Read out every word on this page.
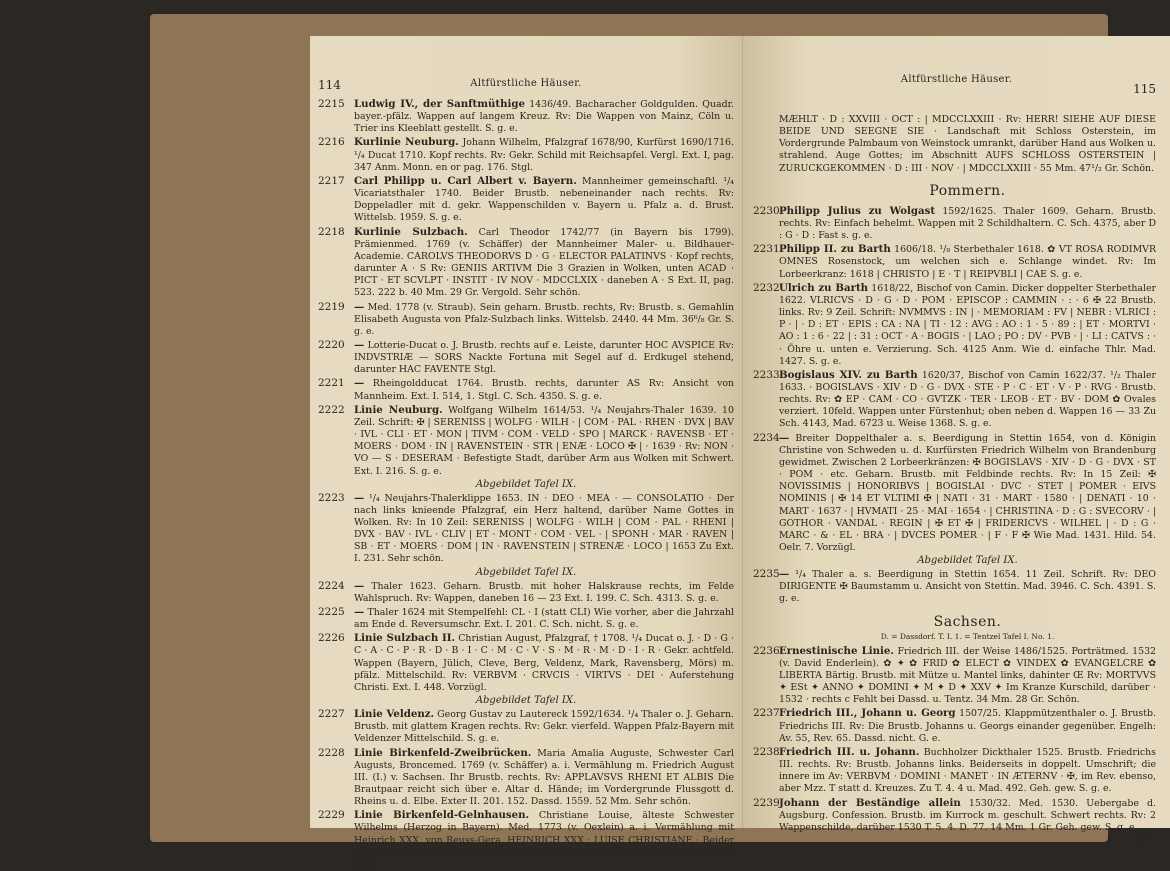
114	Altfürstliche Häuser.
2215 Ludwig IV., der Sanftmüthige 1436/49. Bacharacher Goldgulden. Quadr. bayer.-pfälz. Wappen auf langem Kreuz. Rv: Die Wappen von Mainz, Cöln u. Trier ins Kleeblatt gestellt. S. g. e.
2216 Kurlinie Neuburg. Johann Wilhelm, Pfalzgraf 1678/90, Kurfürst 1690/1716. ¹/₄ Ducat 1710. Kopf rechts. Rv: Gekr. Schild mit Reichsapfel. Vergl. Ext. I, pag. 347 Anm. Monn. en or pag. 176. Stgl.
2217 Carl Philipp u. Carl Albert v. Bayern. Mannheimer gemeinschaftl. ¹/₄ Vicariatsthaler 1740. Beider Brustb. nebeneinander nach rechts. Rv: Doppeladler mit d. gekr. Wappenschilden v. Bayern u. Pfalz a. d. Brust. Wittelsb. 1959. S. g. e.
2218 Kurlinie Sulzbach. Carl Theodor 1742/77 (in Bayern bis 1799). Prämienmed. 1769 (v. Schäffer) der Mannheimer Maler- u. Bildhauer-Academie. CAROLVS THEODORVS D · G · ELECTOR PALATINVS · Kopf rechts, darunter A · S Rv: GENIIS ARTIVM Die 3 Grazien in Wolken, unten ACAD · PICT · ET SCVLPT · INSTIT · IV NOV · MDCCLXIX · daneben A · S Ext. II, pag. 523. 222 b. 40 Mm. 29 Gr. Vergold. Sehr schön.
2219 — Med. 1778 (v. Straub). Sein geharn. Brustb. rechts, Rv: Brustb. s. Gemahlin Elisabeth Augusta von Pfalz-Sulzbach links. Wittelsb. 2440. 44 Mm. 36⁶/₈ Gr. S. g. e.
2220 — Lotterie-Ducat o. J. Brustb. rechts auf e. Leiste, darunter HOC AVSPICE Rv: INDVSTRIÆ — SORS Nackte Fortuna mit Segel auf d. Erdkugel stehend, darunter HAC FAVENTE Stgl.
2221 — Rheingoldducat 1764. Brustb. rechts, darunter AS Rv: Ansicht von Mannheim. Ext. I. 514, 1. Stgl. C. Sch. 4350. S. g. e.
2222 Linie Neuburg. Wolfgang Wilhelm 1614/53. ¹/₄ Neujahrs-Thaler 1639. 10 Zeil. Schrift: ✠ | SERENISS | WOLFG · WILH · | COM · PAL · RHEN · DVX | BAV · IVL · CLI · ET · MON | TIVM · COM · VELD · SPO | MARCK · RAVENSB · ET · MOERS · DOM · IN | RAVENSTEIN · STR | ENÆ · LOCO ✠ | · 1639 · Rv: NON · VO — S · DESERAM · Befestigte Stadt, darüber Arm aus Wolken mit Schwert. Ext. I. 216. S. g. e.
Abgebildet Tafel IX.
2223 — ¹/₄ Neujahrs-Thalerklippe 1653. IN · DEO · MEA · — CONSOLATIO · Der nach links knieende Pfalzgraf, ein Herz haltend, darüber Name Gottes in Wolken. Rv: In 10 Zeil: SERENISS | WOLFG · WILH | COM · PAL · RHENI | DVX · BAV · IVL · CLIV | ET · MONT · COM · VEL · | SPONH · MAR · RAVEN | SB · ET · MOERS · DOM | IN · RAVENSTEIN | STRENÆ · LOCO | 1653 Zu Ext. I. 231. Sehr schön.
Abgebildet Tafel IX.
2224 — Thaler 1623. Geharn. Brustb. mit hoher Halskrause rechts, im Felde Wahlspruch. Rv: Wappen, daneben 16 — 23 Ext. I. 199. C. Sch. 4313. S. g. e.
2225 — Thaler 1624 mit Stempelfehl: CL · I (statt CLI) Wie vorher, aber die Jahrzahl am Ende d. Reversumschr. Ext. I. 201. C. Sch. nicht. S. g. e.
2226 Linie Sulzbach II. Christian August, Pfalzgraf, † 1708. ¹/₄ Ducat o. J. · D · G · C · A · C · P · R · D · B · I · C · M · C · V · S · M · R · M · D · I · R · Gekr. achtfeld. Wappen (Bayern, Jülich, Cleve, Berg, Veldenz, Mark, Ravensberg, Mörs) m. pfälz. Mittelschild. Rv: VERBVM · CRVCIS · VIRTVS · DEI · Auferstehung Christi. Ext. I. 448. Vorzügl.
Abgebildet Tafel IX.
2227 Linie Veldenz. Georg Gustav zu Lautereck 1592/1634. ¹/₄ Thaler o. J. Geharn. Brustb. mit glattem Kragen rechts. Rv: Gekr. vierfeld. Wappen Pfalz-Bayern mit Veldenzer Mittelschild. S. g. e.
2228 Linie Birkenfeld-Zweibrücken. Maria Amalia Auguste, Schwester Carl Augusts, Broncemed. 1769 (v. Schäffer) a. i. Vermählung m. Friedrich August III. (I.) v. Sachsen. Ihr Brustb. rechts. Rv: APPLAVSVS RHENI ET ALBIS Die Brautpaar reicht sich über e. Altar d. Hände; im Vordergrunde Flussgott d. Rheins u. d. Elbe. Exter II. 201. 152. Dassd. 1559. 52 Mm. Sehr schön.
2229 Linie Birkenfeld-Gelnhausen. Christiane Louise, älteste Schwester Wilhelms (Herzog in Bayern). Med. 1773 (v. Oexlein) a. i. Vermählung mit Heinrich XXX. von Reuss-Gera. HEINRICH XXX · LUISE CHRISTIANE · Beider Brustb. einander gegenüber; im Abschnitt AUF DEM SCHLOSSE HUNGEN | VEB
Altfürstliche Häuser.
115
MÆHLT · D : XXVIII · OCT : | MDCCLXXIII · Rv: HERR! SIEHE AUF DIESE BEIDE UND SEEGNE SIE · Landschaft mit Schloss Osterstein, im Vordergrunde Palmbaum von Weinstock umrankt, darüber Hand aus Wolken u. strahlend. Auge Gottes; im Abschnitt AUFS SCHLOSS OSTERSTEIN | ZURUCKGEKOMMEN · D : III · NOV · | MDCCLXXIII · 55 Mm. 47¹/₂ Gr. Schön.
Pommern.
2230 Philipp Julius zu Wolgast 1592/1625. Thaler 1609. Geharn. Brustb. rechts. Rv: Einfach behelmt. Wappen mit 2 Schildhaltern. C. Sch. 4375, aber D : G · D : Fast s. g. e.
2231 Philipp II. zu Barth 1606/18. ¹/₈ Sterbethaler 1618. ✿ VT ROSA RODIMVR OMNES Rosenstock, um welchen sich e. Schlange windet. Rv: Im Lorbeerkranz: 1618 | CHRISTO | E · T | REIPVBLI | CAE S. g. e.
2232 Ulrich zu Barth 1618/22, Bischof von Camin. Dicker doppelter Sterbethaler 1622. VLRICVS · D · G · D · POM · EPISCOP : CAMMIN · : · 6 ✠ 22 Brustb. links. Rv: 9 Zeil. Schrift: NVMMVS : IN | · MEMORIAM : FV | NEBR : VLRICI : P · | · D : ET · EPIS : CA : NA | TI · 12 : AVG : AO : 1 · 5 · 89 : | ET · MORTVI · AO : 1 : 6 · 22 | : 31 : OCT · A · BOGIS · | LAO ; PO : DV · PVB · | · LI : CATVS : · · Öhre u. unten e. Verzierung. Sch. 4125 Anm. Wie d. einfache Thlr. Mad. 1427. S. g. e.
2233 Bogislaus XIV. zu Barth 1620/37, Bischof von Camin 1622/37. ¹/₂ Thaler 1633. · BOGISLAVS · XIV · D · G · DVX · STE · P · C · ET · V · P · RVG · Brustb. rechts. Rv: ✿ EP · CAM · CO · GVTZK · TER · LEOB · ET · BV · DOM ✿ Ovales verziert. 10feld. Wappen unter Fürstenhut; oben neben d. Wappen 16 — 33 Zu Sch. 4143, Mad. 6723 u. Weise 1368. S. g. e.
2234 — Breiter Doppelthaler a. s. Beerdigung in Stettin 1654, von d. Königin Christine von Schweden u. d. Kurfürsten Friedrich Wilhelm von Brandenburg gewidmet. Zwischen 2 Lorbeerkränzen: ✠ BOGISLAVS · XIV · D · G · DVX · ST · POM · etc. Geharn. Brustb. mit Feldbinde rechts. Rv: In 15 Zeil: ✠ NOVISSIMIS | HONORIBVS | BOGISLAI · DVC · STET | POMER · EIVS NOMINIS | ✠ 14 ET VLTIMI ✠ | NATI · 31 · MART · 1580 · | DENATI · 10 · MART · 1637 · | HVMATI · 25 · MAI · 1654 · | CHRISTINA · D : G : SVECORV · | GOTHOR · VANDAL · REGIN | ✠ ET ✠ | FRIDERICVS · WILHEL | · D : G · MARC · & · EL · BRA · | DVCES POMER · | F · F ✠ Wie Mad. 1431. Hild. 54. Oelr. 7. Vorzügl.
Abgebildet Tafel IX.
2235 — ¹/₄ Thaler a. s. Beerdigung in Stettin 1654. 11 Zeil. Schrift. Rv: DEO DIRIGENTE ✠ Baumstamm u. Ansicht von Stettin. Mad. 3946. C. Sch. 4391. S. g. e.
Sachsen.
D. = Dassdorf. T. I. 1. = Tentzel Tafel I. No. 1.
2236 Ernestinische Linie. Friedrich III. der Weise 1486/1525. Porträtmed. 1532 (v. David Enderlein). ✿ ✦ ✿ FRID ✿ ELECT ✿ VINDEX ✿ EVANGELCRE ✿ LIBERTA Bärtig. Brustb. mit Mütze u. Mantel links, dahinter Œ Rv: MORTVVS ✦ ESt ✦ ANNO ✦ DOMINI ✦ M ✦ D ✦ XXV ✦ Im Kranze Kurschild, darüber · 1532 · rechts c Fehlt bei Dassd. u. Tentz. 34 Mm. 28 Gr. Schön.
2237 Friedrich III., Johann u. Georg 1507/25. Klappmützenthaler o. J. Brustb. Friedrichs III. Rv: Die Brustb. Johanns u. Georgs einander gegenüber. Engelh: Av. 55, Rev. 65. Dassd. nicht. G. e.
2238 Friedrich III. u. Johann. Buchholzer Dickthaler 1525. Brustb. Friedrichs III. rechts. Rv: Brustb. Johanns links. Beiderseits in doppelt. Umschrift; die innere im Av: VERBVM · DOMINI · MANET · IN ÆTERNV · ✠, im Rev. ebenso, aber Mzz. T statt d. Kreuzes. Zu T. 4. 4 u. Mad. 492. Geh. gew. S. g. e.
2239 Johann der Beständige allein 1530/32. Med. 1530. Uebergabe d. Augsburg. Confession. Brustb. im Kurrock m. geschult. Schwert rechts. Rv: 2 Wappenschilde, darüber 1530 T. 5. 4. D. 77. 14 Mm. 1 Gr. Geh. gew. S. g. e.
8*
